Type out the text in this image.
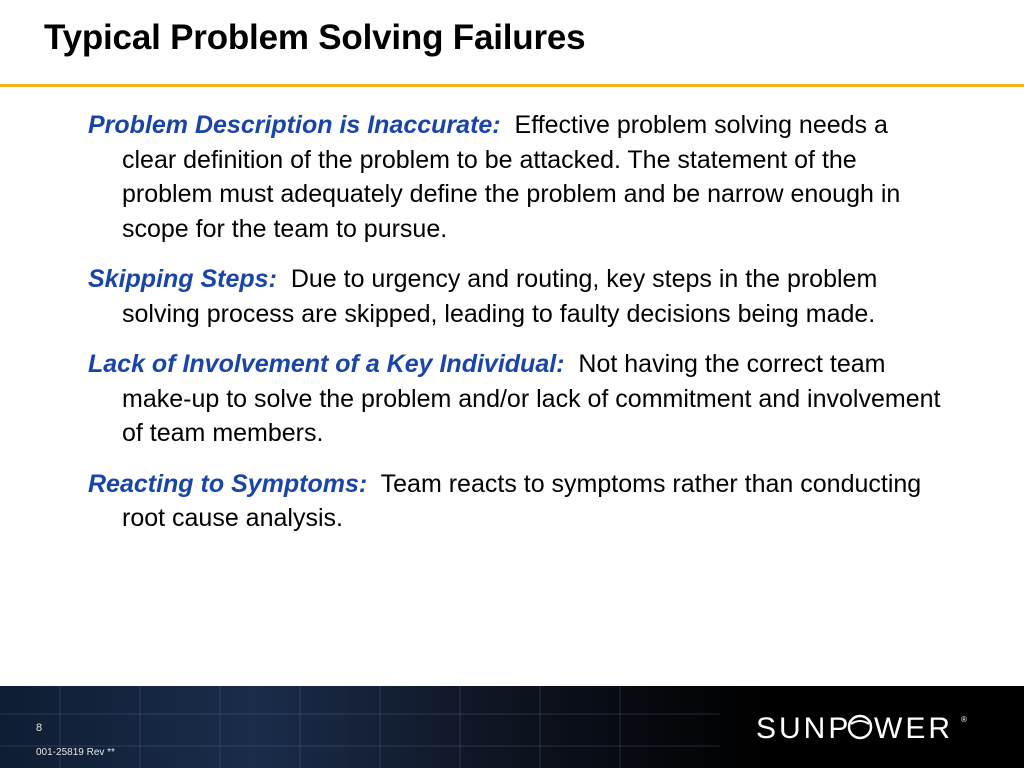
Typical Problem Solving Failures
Problem Description is Inaccurate: Effective problem solving needs a clear definition of the problem to be attacked. The statement of the problem must adequately define the problem and be narrow enough in scope for the team to pursue.
Skipping Steps: Due to urgency and routing, key steps in the problem solving process are skipped, leading to faulty decisions being made.
Lack of Involvement of a Key Individual: Not having the correct team make-up to solve the problem and/or lack of commitment and involvement of team members.
Reacting to Symptoms: Team reacts to symptoms rather than conducting root cause analysis.
8
001-25819 Rev **
SUNP WER ®
